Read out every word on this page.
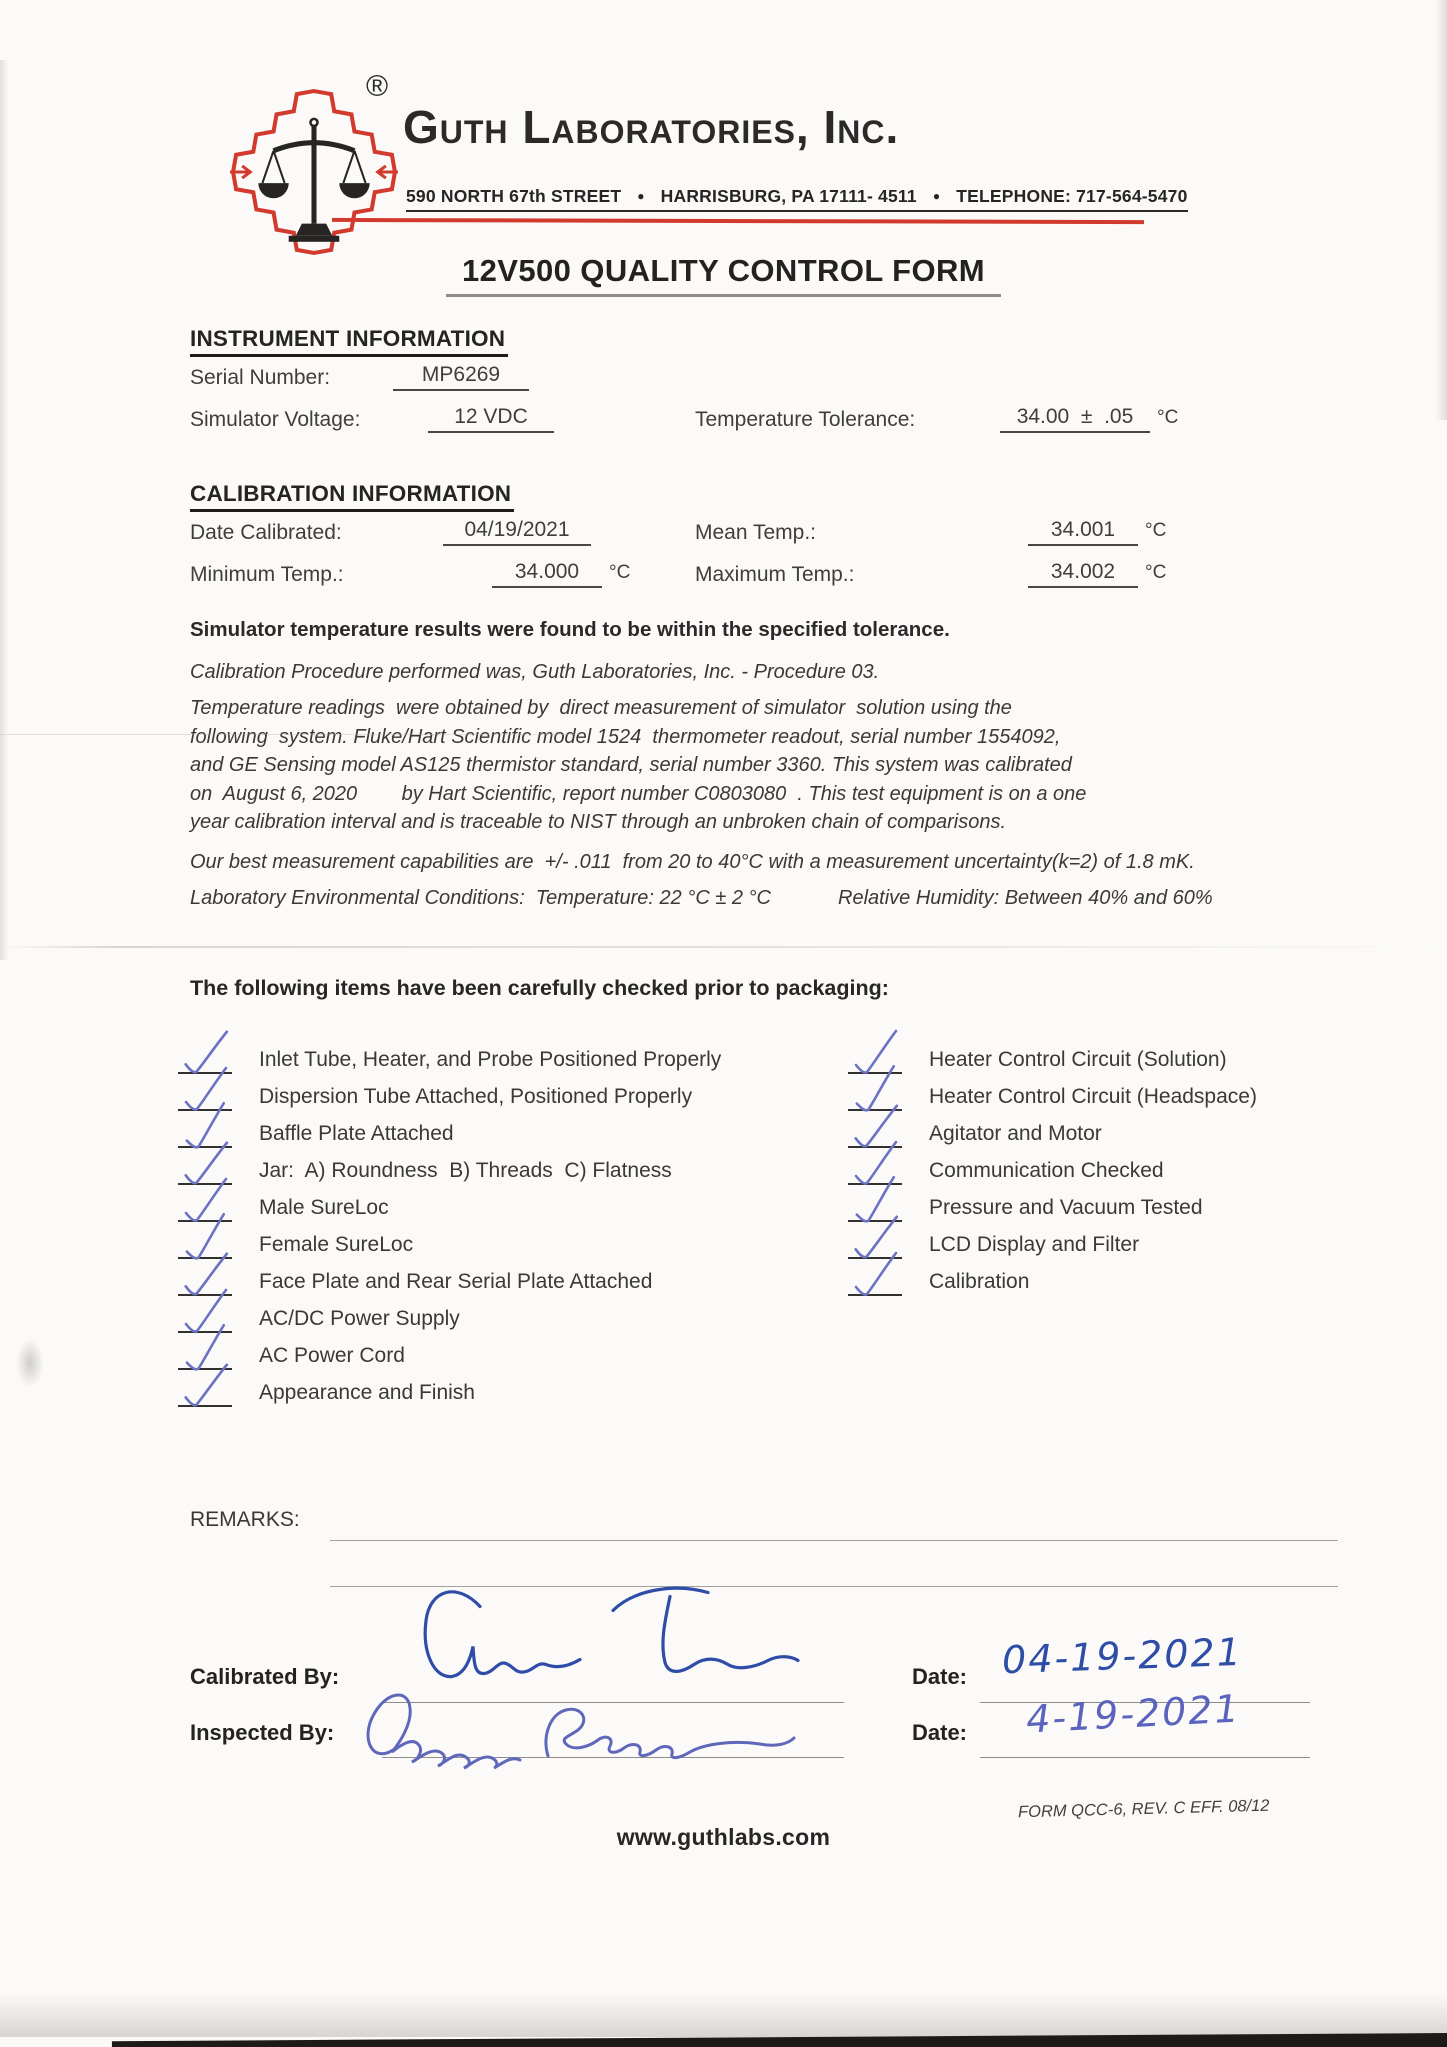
®
Guth Laboratories, Inc.
590 NORTH 67th STREET ● HARRISBURG, PA 17111- 4511 ● TELEPHONE: 717-564-5470
12V500 QUALITY CONTROL FORM
INSTRUMENT INFORMATION
Serial Number:	MP6269
Simulator Voltage:	12 VDC	Temperature Tolerance:	34.00  ±  .05	°C
CALIBRATION INFORMATION
Date Calibrated:	04/19/2021	Mean Temp.:	34.001	°C
Minimum Temp.:	34.000	°C	Maximum Temp.:	34.002	°C
Simulator temperature results were found to be within the specified tolerance.
Calibration Procedure performed was, Guth Laboratories, Inc. - Procedure 03.
Temperature readings  were obtained by  direct measurement of simulator  solution using the following  system. Fluke/Hart Scientific model 1524  thermometer readout, serial number 1554092, and GE Sensing model AS125 thermistor standard, serial number 3360. This system was calibrated on  August 6, 2020        by Hart Scientific, report number C0803080  . This test equipment is on a one year calibration interval and is traceable to NIST through an unbroken chain of comparisons.
Our best measurement capabilities are  +/- .011  from 20 to 40°C with a measurement uncertainty(k=2) of 1.8 mK.
Laboratory Environmental Conditions:  Temperature: 22 °C ± 2 °C	Relative Humidity: Between 40% and 60%
The following items have been carefully checked prior to packaging:
Inlet Tube, Heater, and Probe Positioned Properly
Dispersion Tube Attached, Positioned Properly
Baffle Plate Attached
Jar:  A) Roundness  B) Threads  C) Flatness
Male SureLoc
Female SureLoc
Face Plate and Rear Serial Plate Attached
AC/DC Power Supply
AC Power Cord
Appearance and Finish
Heater Control Circuit (Solution)
Heater Control Circuit (Headspace)
Agitator and Motor
Communication Checked
Pressure and Vacuum Tested
LCD Display and Filter
Calibration
REMARKS:
Calibrated By:	Date: 04-19-2021
Inspected By:	Date: 4-19-2021
www.guthlabs.com
FORM QCC-6, REV. C EFF. 08/12
